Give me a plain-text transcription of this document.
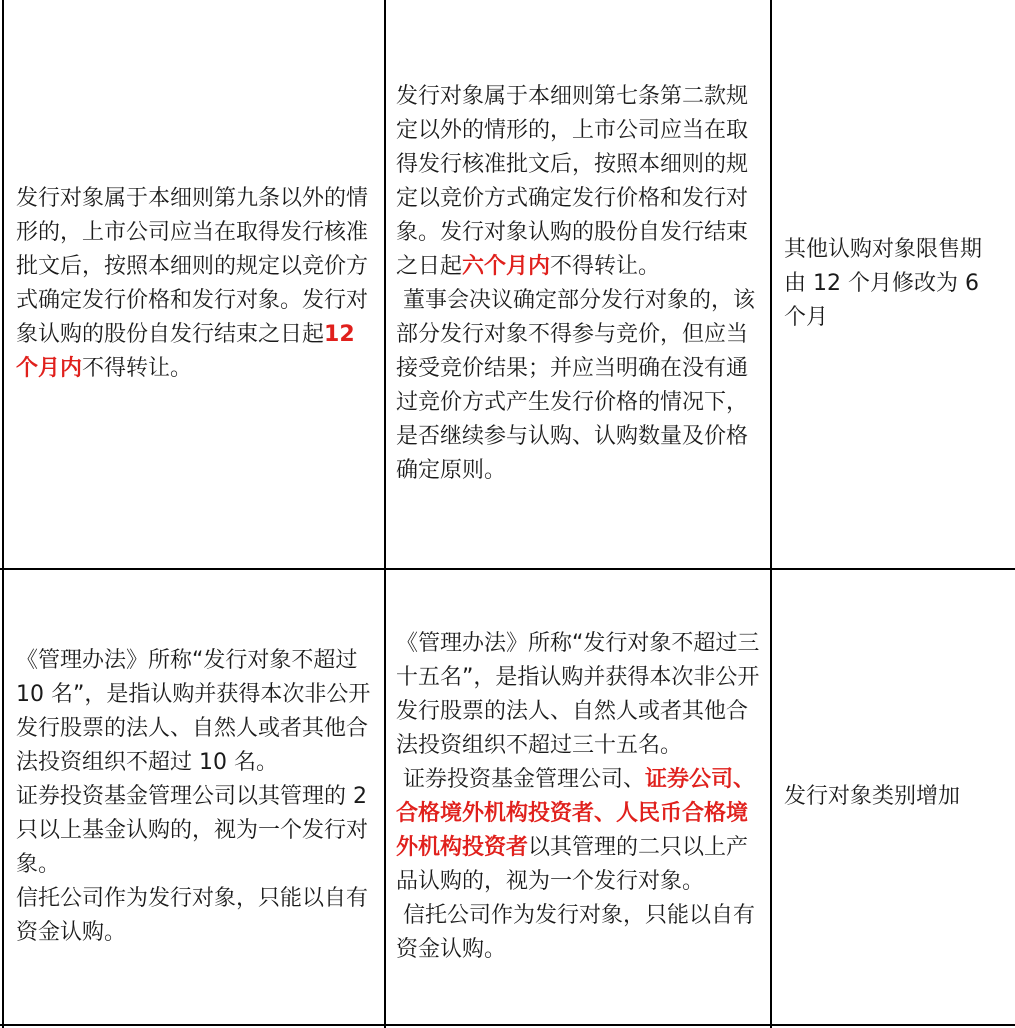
发行对象属于本细则第九条以外的情形的，上市公司应当在取得发行核准批文后，按照本细则的规定以竞价方式确定发行价格和发行对象。发行对象认购的股份自发行结束之日起12 个月内不得转让。

发行对象属于本细则第七条第二款规定以外的情形的，上市公司应当在取得发行核准批文后，按照本细则的规定以竞价方式确定发行价格和发行对象。发行对象认购的股份自发行结束之日起六个月内不得转让。

董事会决议确定部分发行对象的，该部分发行对象不得参与竞价，但应当接受竞价结果；并应当明确在没有通过竞价方式产生发行价格的情况下，是否继续参与认购、认购数量及价格确定原则。

其他认购对象限售期由 12 个月修改为 6 个月

《管理办法》所称“发行对象不超过 10 名”，是指认购并获得本次非公开发行股票的法人、自然人或者其他合法投资组织不超过 10 名。

证券投资基金管理公司以其管理的 2 只以上基金认购的，视为一个发行对象。

信托公司作为发行对象，只能以自有资金认购。

《管理办法》所称“发行对象不超过三十五名”，是指认购并获得本次非公开发行股票的法人、自然人或者其他合法投资组织不超过三十五名。

证券投资基金管理公司、证券公司、合格境外机构投资者、人民币合格境外机构投资者以其管理的二只以上产品认购的，视为一个发行对象。

信托公司作为发行对象，只能以自有资金认购。

发行对象类别增加
